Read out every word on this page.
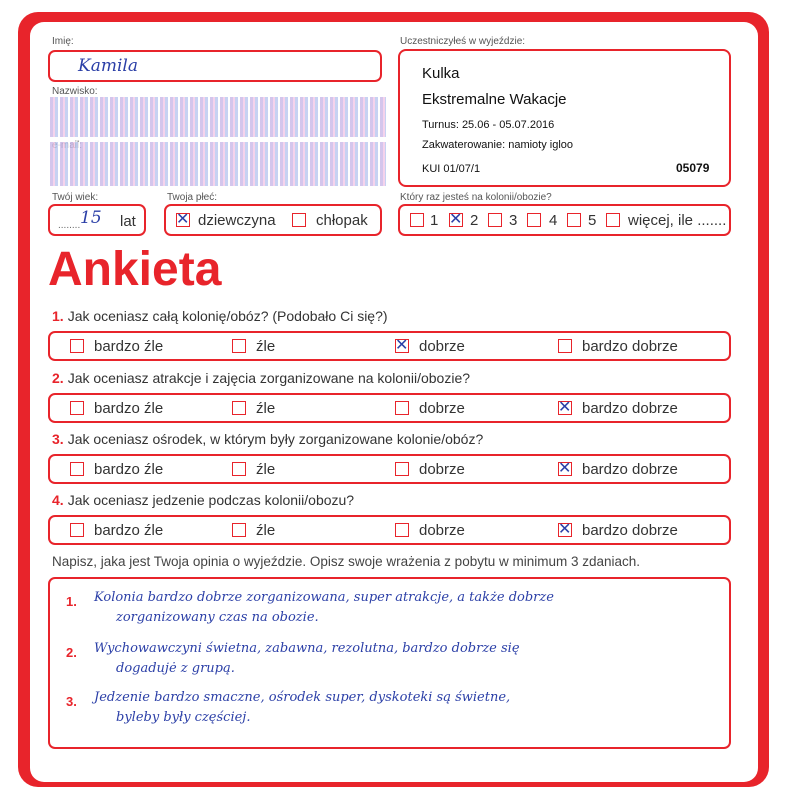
Imię:
Kamila
Nazwisko:
Twój wiek:
........ 15 lat
Twoja płeć:
✕
dziewczyna	chłopak
Uczestniczyłeś w wyjeździe:
Kulka
Ekstremalne Wakacje
Turnus: 25.06 - 05.07.2016
Zakwaterowanie: namioty igloo
KUI 01/07/1	05079
Który raz jesteś na kolonii/obozie?
1 ✕ 2 3 4 5 więcej, ile .......
Ankieta
1. Jak oceniasz całą kolonię/obóz? (Podobało Ci się?)
bardzo źle	źle ✕	dobrze	bardzo dobrze
2. Jak oceniasz atrakcje i zajęcia zorganizowane na kolonii/obozie?
bardzo źle	źle	dobrze ✕	bardzo dobrze
3. Jak oceniasz ośrodek, w którym były zorganizowane kolonie/obóz?
bardzo źle	źle	dobrze ✕	bardzo dobrze
4. Jak oceniasz jedzenie podczas kolonii/obozu?
bardzo źle	źle	dobrze ✕	bardzo dobrze
Napisz, jaka jest Twoja opinia o wyjeździe. Opisz swoje wrażenia z pobytu w minimum 3 zdaniach.
1. Kolonia bardzo dobrze zorganizowana, super atrakcje, a także dobrze
zorganizowany czas na obozie.
2. Wychowawczyni świetna, zabawna, rezolutna, bardzo dobrze się
dogadujė z grupą.
3. Jedzenie bardzo smaczne, ośrodek super, dyskoteki są świetne,
byleby były częściej.
